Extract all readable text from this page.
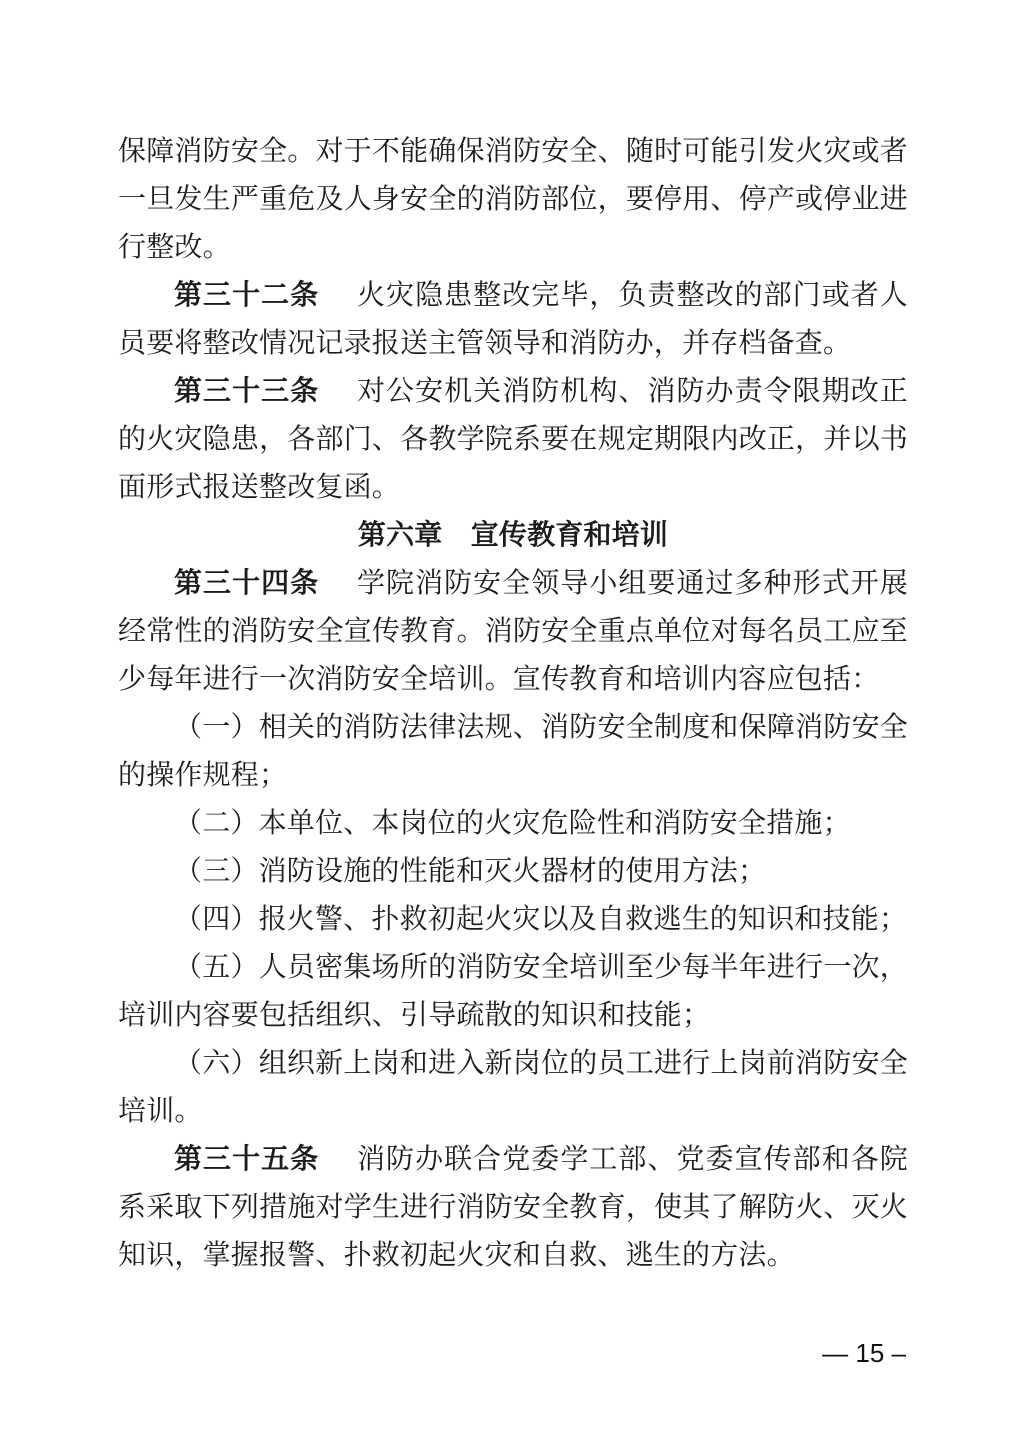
保障消防安全。对于不能确保消防安全、随时可能引发火灾或者一旦发生严重危及人身安全的消防部位，要停用、停产或停业进行整改。

第三十二条 火灾隐患整改完毕，负责整改的部门或者人员要将整改情况记录报送主管领导和消防办，并存档备查。

第三十三条 对公安机关消防机构、消防办责令限期改正的火灾隐患，各部门、各教学院系要在规定期限内改正，并以书面形式报送整改复函。

第六章　宣传教育和培训

第三十四条 学院消防安全领导小组要通过多种形式开展经常性的消防安全宣传教育。消防安全重点单位对每名员工应至少每年进行一次消防安全培训。宣传教育和培训内容应包括：

（一）相关的消防法律法规、消防安全制度和保障消防安全的操作规程；

（二）本单位、本岗位的火灾危险性和消防安全措施；

（三）消防设施的性能和灭火器材的使用方法；

（四）报火警、扑救初起火灾以及自救逃生的知识和技能；

（五）人员密集场所的消防安全培训至少每半年进行一次，培训内容要包括组织、引导疏散的知识和技能；

（六）组织新上岗和进入新岗位的员工进行上岗前消防安全培训。

第三十五条 消防办联合党委学工部、党委宣传部和各院系采取下列措施对学生进行消防安全教育，使其了解防火、灭火知识，掌握报警、扑救初起火灾和自救、逃生的方法。

— 15 –
